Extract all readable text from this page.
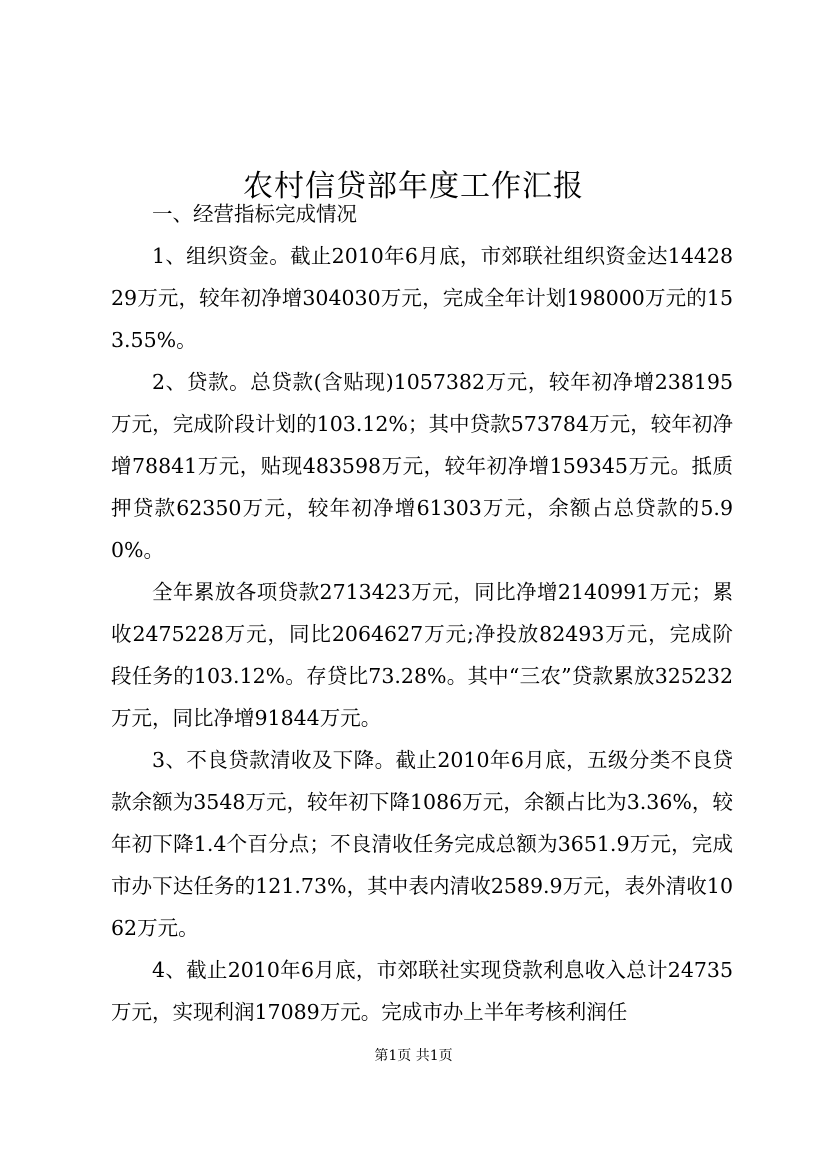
农村信贷部年度工作汇报

一、经营指标完成情况

1、组织资金。截止2010年6月底，市郊联社组织资金达1442829万元，较年初净增304030万元，完成全年计划198000万元的153.55%。

2、贷款。总贷款(含贴现)1057382万元，较年初净增238195万元，完成阶段计划的103.12%；其中贷款573784万元，较年初净增78841万元，贴现483598万元，较年初净增159345万元。抵质押贷款62350万元，较年初净增61303万元，余额占总贷款的5.90%。

全年累放各项贷款2713423万元，同比净增2140991万元；累收2475228万元，同比2064627万元;净投放82493万元，完成阶段任务的103.12%。存贷比73.28%。其中“三农”贷款累放325232万元，同比净增91844万元。

3、不良贷款清收及下降。截止2010年6月底，五级分类不良贷款余额为3548万元，较年初下降1086万元，余额占比为3.36%，较年初下降1.4个百分点；不良清收任务完成总额为3651.9万元，完成市办下达任务的121.73%，其中表内清收2589.9万元，表外清收1062万元。

4、截止2010年6月底，市郊联社实现贷款利息收入总计24735万元，实现利润17089万元。完成市办上半年考核利润任

第1页 共1页
